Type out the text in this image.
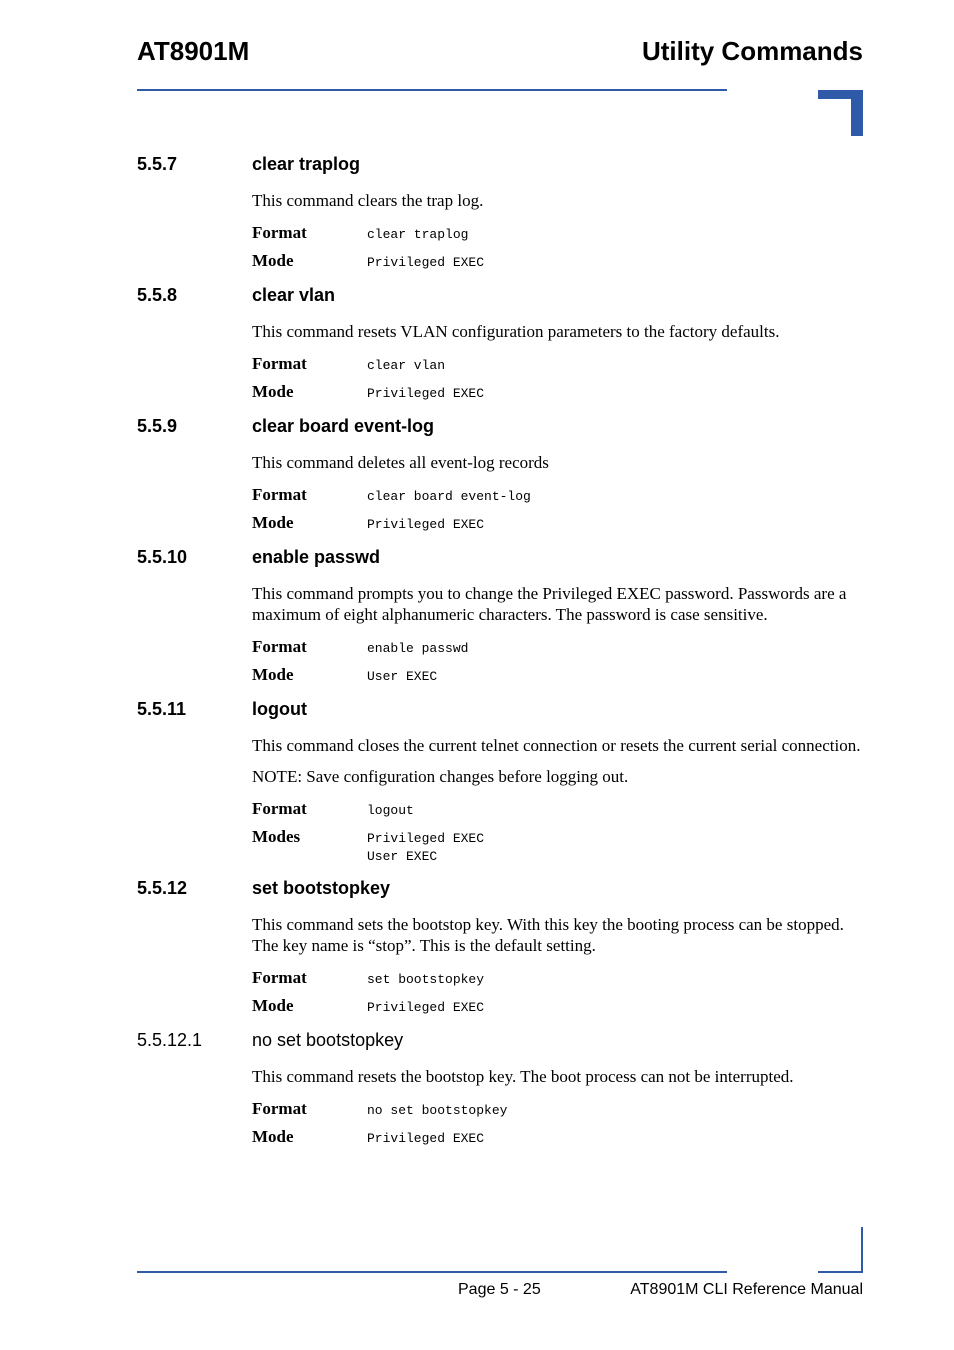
AT8901M	Utility Commands
5.5.7	clear traplog

This command clears the trap log.

Format	clear traplog
Mode	Privileged EXEC
5.5.8	clear vlan

This command resets VLAN configuration parameters to the factory defaults.

Format	clear vlan
Mode	Privileged EXEC
5.5.9	clear board event-log

This command deletes all event-log records

Format	clear board event-log
Mode	Privileged EXEC
5.5.10	enable passwd

This command prompts you to change the Privileged EXEC password. Passwords are a maximum of eight alphanumeric characters. The password is case sensitive.

Format	enable passwd
Mode	User EXEC
5.5.11	logout

This command closes the current telnet connection or resets the current serial connection.

NOTE: Save configuration changes before logging out.

Format	logout
Modes	Privileged EXEC
User EXEC
5.5.12	set bootstopkey

This command sets the bootstop key. With this key the booting process can be stopped. The key name is “stop”. This is the default setting.

Format	set bootstopkey
Mode	Privileged EXEC
5.5.12.1	no set bootstopkey

This command resets the bootstop key. The boot process can not be interrupted.

Format	no set bootstopkey
Mode	Privileged EXEC
Page 5 - 25	AT8901M CLI Reference Manual
